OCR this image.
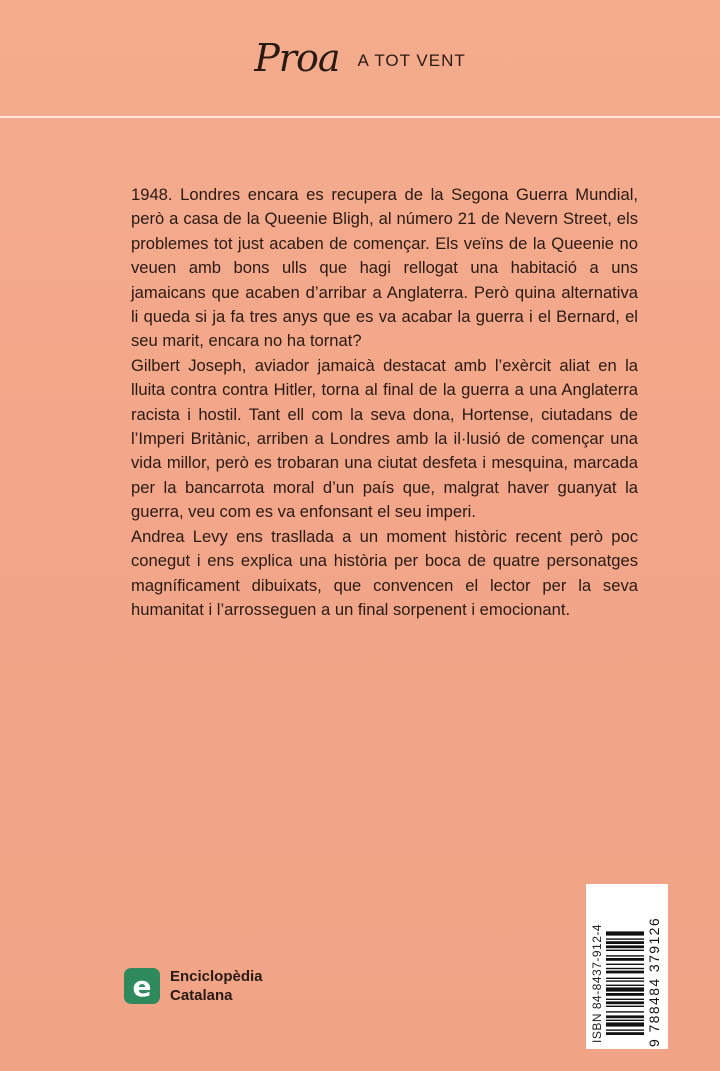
Proa A TOT VENT

1948. Londres encara es recupera de la Segona Guerra Mundial, però a casa de la Queenie Bligh, al número 21 de Nevern Street, els problemes tot just acaben de començar. Els veïns de la Queenie no veuen amb bons ulls que hagi rellogat una habitació a uns jamaicans que acaben d’arribar a Anglaterra. Però quina alternativa li queda si ja fa tres anys que es va acabar la guerra i el Bernard, el seu marit, encara no ha tornat?

Gilbert Joseph, aviador jamaicà destacat amb l’exèrcit aliat en la lluita contra contra Hitler, torna al final de la guerra a una Anglaterra racista i hostil. Tant ell com la seva dona, Hortense, ciutadans de l’Imperi Britànic, arriben a Londres amb la il·lusió de començar una vida millor, però es trobaran una ciutat desfeta i mesquina, marcada per la bancarrota moral d’un país que, malgrat haver guanyat la guerra, veu com es va enfonsant el seu imperi.

Andrea Levy ens trasllada a un moment històric recent però poc conegut i ens explica una història per boca de quatre personatges magníficament dibuixats, que convencen el lector per la seva humanitat i l’arrosseguen a un final sorpenent i emocionant.

e	Enciclopèdia
Catalana	ISBN 84-8437-912-4	9 788484 379126
